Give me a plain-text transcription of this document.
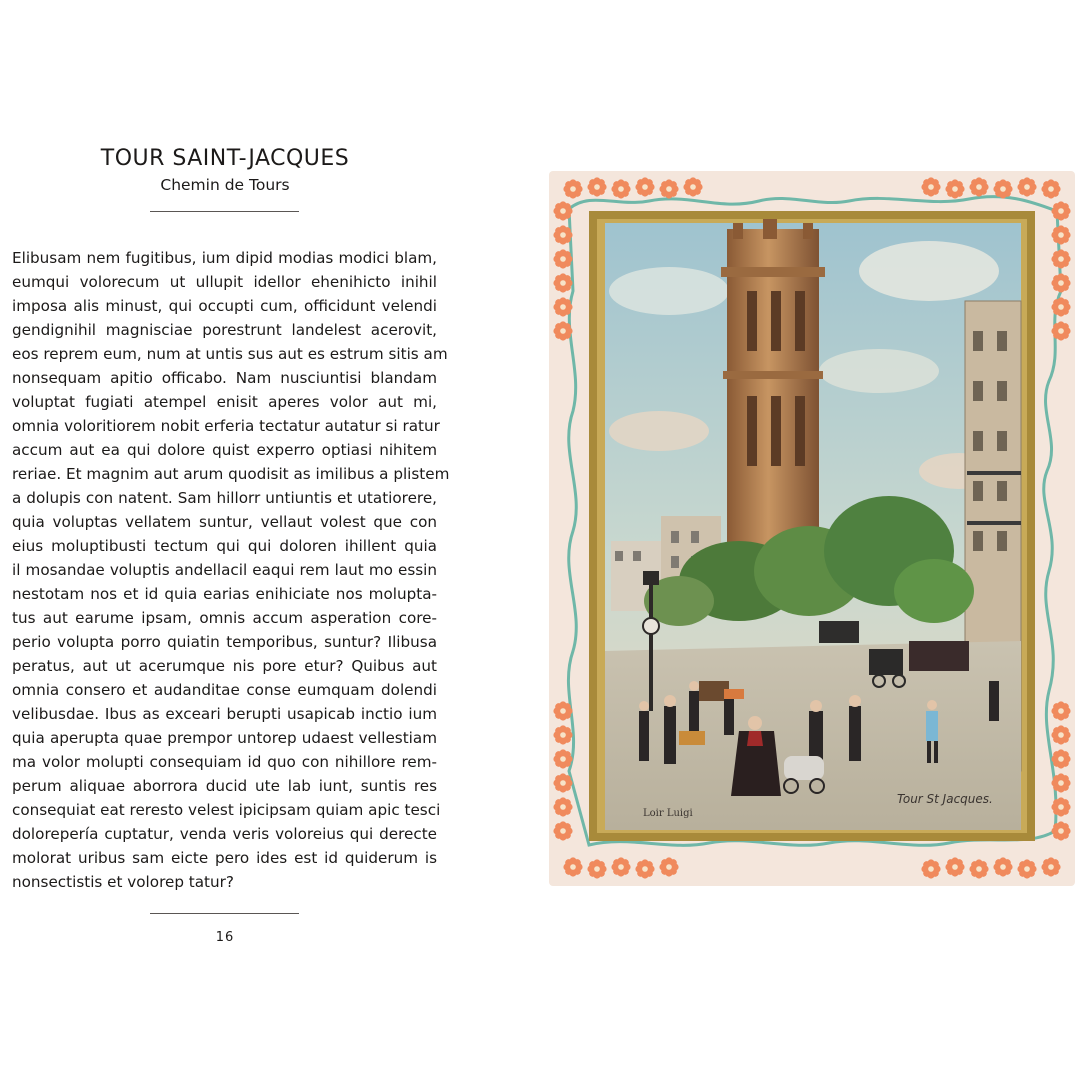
TOUR SAINT-JACQUES
Chemin de Tours
Elibusam nem fugitibus, ium dipid modias modici blam,
eumqui volorecum ut ullupit idellor ehenihicto inihil
imposa alis minust, qui occupti cum, officidunt velendi
gendignihil magnisciae porestrunt landelest acerovit,
eos reprem eum, num at untis sus aut es estrum sitis am
nonsequam apitio officabo. Nam nusciuntisi blandam
voluptat fugiati atempel enisit aperes volor aut mi,
omnia voloritiorem nobit erferia tectatur autatur si ratur
accum aut ea qui dolore quist experro optiasi nihitem
reriae. Et magnim aut arum quodisit as imilibus a plistem
a dolupis con natent. Sam hillorr untiuntis et utatiorere,
quia voluptas vellatem suntur, vellaut volest que con
eius moluptibusti tectum qui qui doloren ihillent quia
il mosandae voluptis andellacil eaqui rem laut mo essin
nestotam nos et id quia earias enihiciate nos molupta-
tus aut earume ipsam, omnis accum asperation core-
perio volupta porro quiatin temporibus, suntur? Ilibusa
peratus, aut ut acerumque nis pore etur? Quibus aut
omnia consero et audanditae conse eumquam dolendi
velibusdae. Ibus as exceari berupti usapicab inctio ium
quia aperupta quae prempor untorep udaest vellestiam
ma volor molupti consequiam id quo con nihillore rem-
perum aliquae aborrora ducid ute lab iunt, suntis res
consequiat eat reresto velest ipicipsam quiam apic tesci
dolorepería cuptatur, venda veris voloreius qui derecte
molorat uribus sam eicte pero ides est id quiderum is
nonsectistis et volorep tatur?
16
Loir Luigi
Tour St Jacques.
